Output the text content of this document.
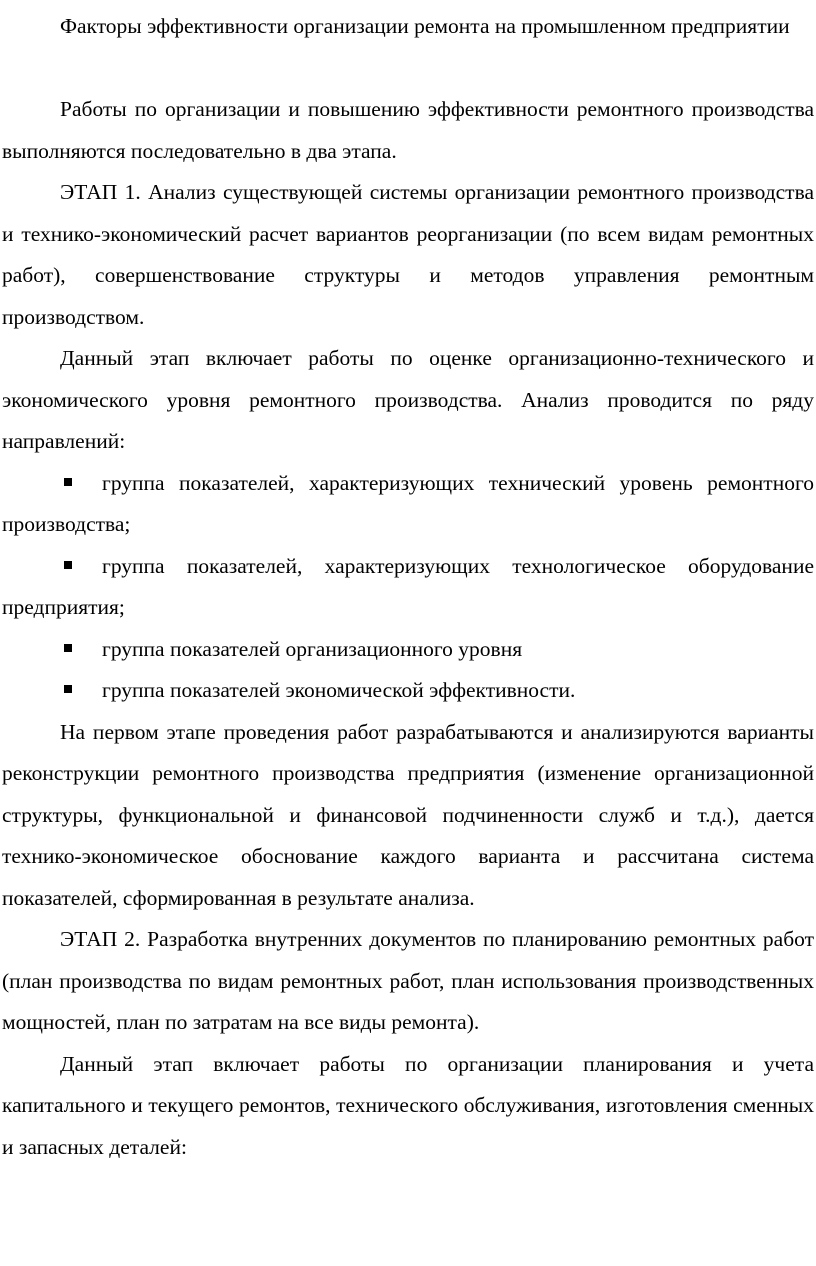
Факторы эффективности организации ремонта на промышленном предприятии

Работы по организации и повышению эффективности ремонтного производства выполняются последовательно в два этапа.

ЭТАП 1. Анализ существующей системы организации ремонтного производства и технико-экономический расчет вариантов реорганизации (по всем видам ремонтных работ), совершенствование структуры и методов управления ремонтным производством.

Данный этап включает работы по оценке организационно-технического и экономического уровня ремонтного производства. Анализ проводится по ряду направлений:

группа показателей, характеризующих технический уровень ремонтного производства;

группа показателей, характеризующих технологическое оборудование предприятия;

группа показателей организационного уровня

группа показателей экономической эффективности.

На первом этапе проведения работ разрабатываются и анализируются варианты реконструкции ремонтного производства предприятия (изменение организационной структуры, функциональной и финансовой подчиненности служб и т.д.), дается технико-экономическое обоснование каждого варианта и рассчитана система показателей, сформированная в результате анализа.

ЭТАП 2. Разработка внутренних документов по планированию ремонтных работ (план производства по видам ремонтных работ, план использования производственных мощностей, план по затратам на все виды ремонта).

Данный этап включает работы по организации планирования и учета капитального и текущего ремонтов, технического обслуживания, изготовления сменных и запасных деталей:
